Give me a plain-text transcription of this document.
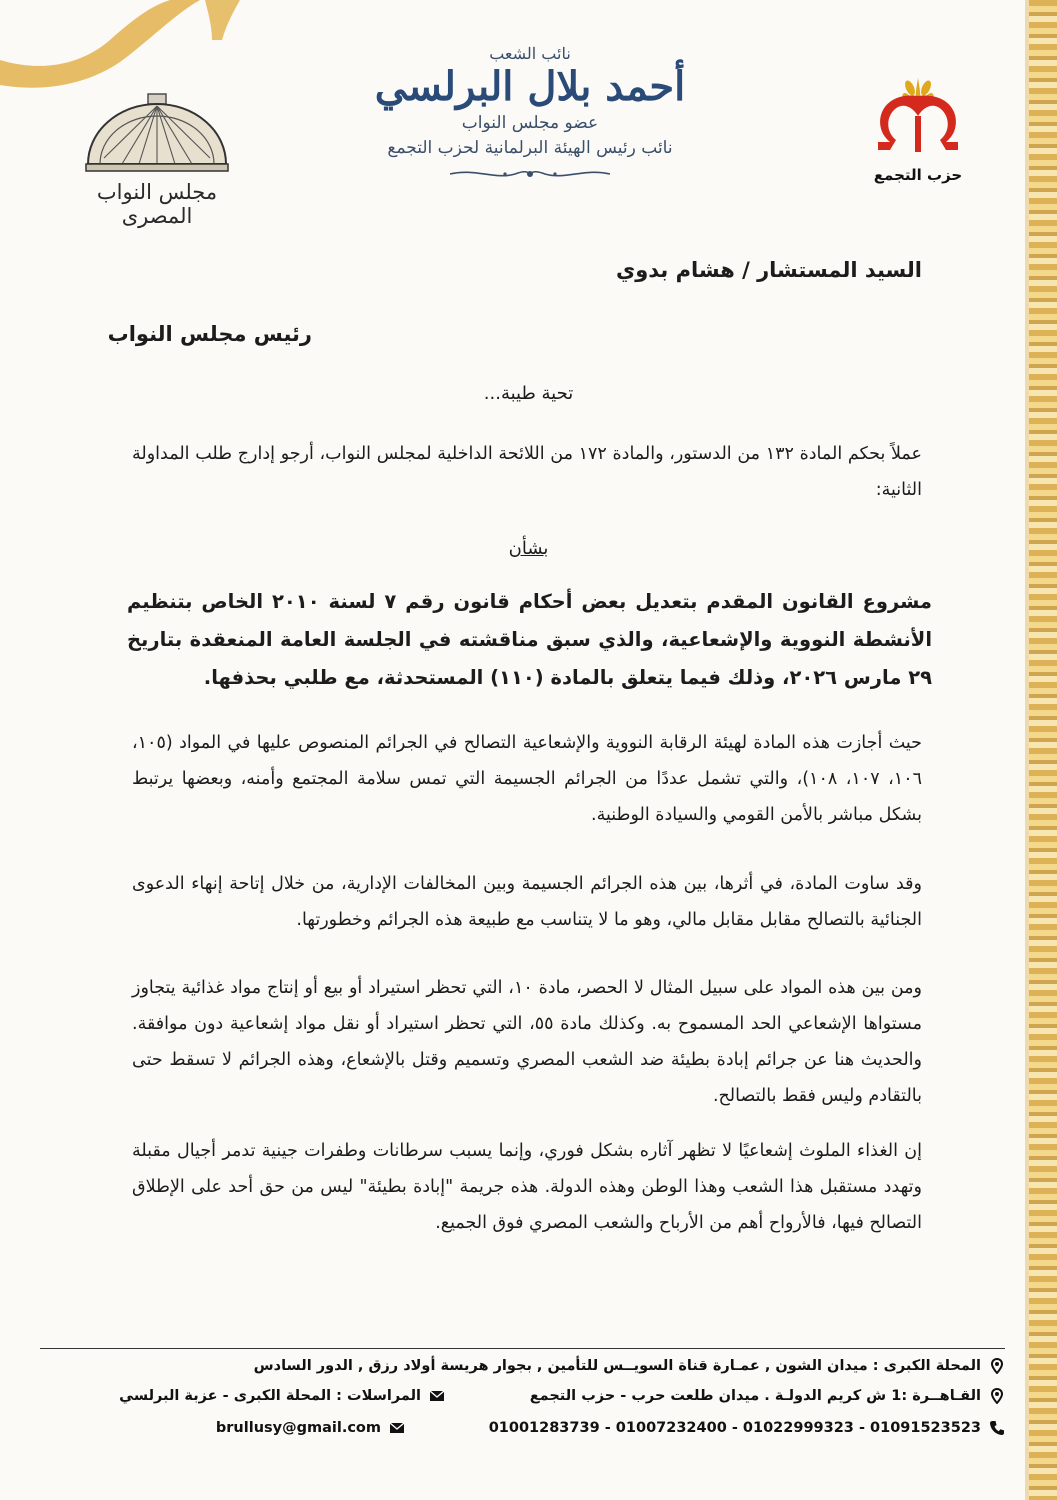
مجلس النواب المصرى
نائب الشعب
أحمد بلال البرلسي
عضو مجلس النواب
نائب رئيس الهيئة البرلمانية لحزب التجمع
حزب التجمع
السيد المستشار / هشام بدوي
رئيس مجلس النواب
تحية طيبة...
عملاً بحكم المادة ١٣٢ من الدستور، والمادة ١٧٢ من اللائحة الداخلية لمجلس النواب، أرجو إدارج طلب المداولة الثانية:
بشأن
مشروع القانون المقدم بتعديل بعض أحكام قانون رقم ٧ لسنة ٢٠١٠ الخاص بتنظيم الأنشطة النووية والإشعاعية، والذي سبق مناقشته في الجلسة العامة المنعقدة بتاريخ ٢٩ مارس ٢٠٢٦، وذلك فيما يتعلق بالمادة (١١٠) المستحدثة، مع طلبي بحذفها.
حيث أجازت هذه المادة لهيئة الرقابة النووية والإشعاعية التصالح في الجرائم المنصوص عليها في المواد (١٠٥، ١٠٦، ١٠٧، ١٠٨)، والتي تشمل عددًا من الجرائم الجسيمة التي تمس سلامة المجتمع وأمنه، وبعضها يرتبط بشكل مباشر بالأمن القومي والسيادة الوطنية.
وقد ساوت المادة، في أثرها، بين هذه الجرائم الجسيمة وبين المخالفات الإدارية، من خلال إتاحة إنهاء الدعوى الجنائية بالتصالح مقابل مقابل مالي، وهو ما لا يتناسب مع طبيعة هذه الجرائم وخطورتها.
ومن بين هذه المواد على سبيل المثال لا الحصر، مادة ١٠، التي تحظر استيراد أو بيع أو إنتاج مواد غذائية يتجاوز مستواها الإشعاعي الحد المسموح به. وكذلك مادة ٥٥، التي تحظر استيراد أو نقل مواد إشعاعية دون موافقة. والحديث هنا عن جرائم إبادة بطيئة ضد الشعب المصري وتسميم وقتل بالإشعاع، وهذه الجرائم لا تسقط حتى بالتقادم وليس فقط بالتصالح.
إن الغذاء الملوث إشعاعيًا لا تظهر آثاره بشكل فوري، وإنما يسبب سرطانات وطفرات جينية تدمر أجيال مقبلة وتهدد مستقبل هذا الشعب وهذا الوطن وهذه الدولة. هذه جريمة "إبادة بطيئة" ليس من حق أحد على الإطلاق التصالح فيها، فالأرواح أهم من الأرباح والشعب المصري فوق الجميع.
المحلة الكبرى : ميدان الشون , عمـارة قناة السويــس للتأمين , بجوار هريسة أولاد رزق , الدور السادس
القـاهــرة :1 ش كريم الدولـة . ميدان طلعت حرب - حزب التجمع
المراسلات : المحلة الكبرى - عزبة البرلسي
01091523523 - 01022999323 - 01007232400 - 01001283739
brullusy@gmail.com
